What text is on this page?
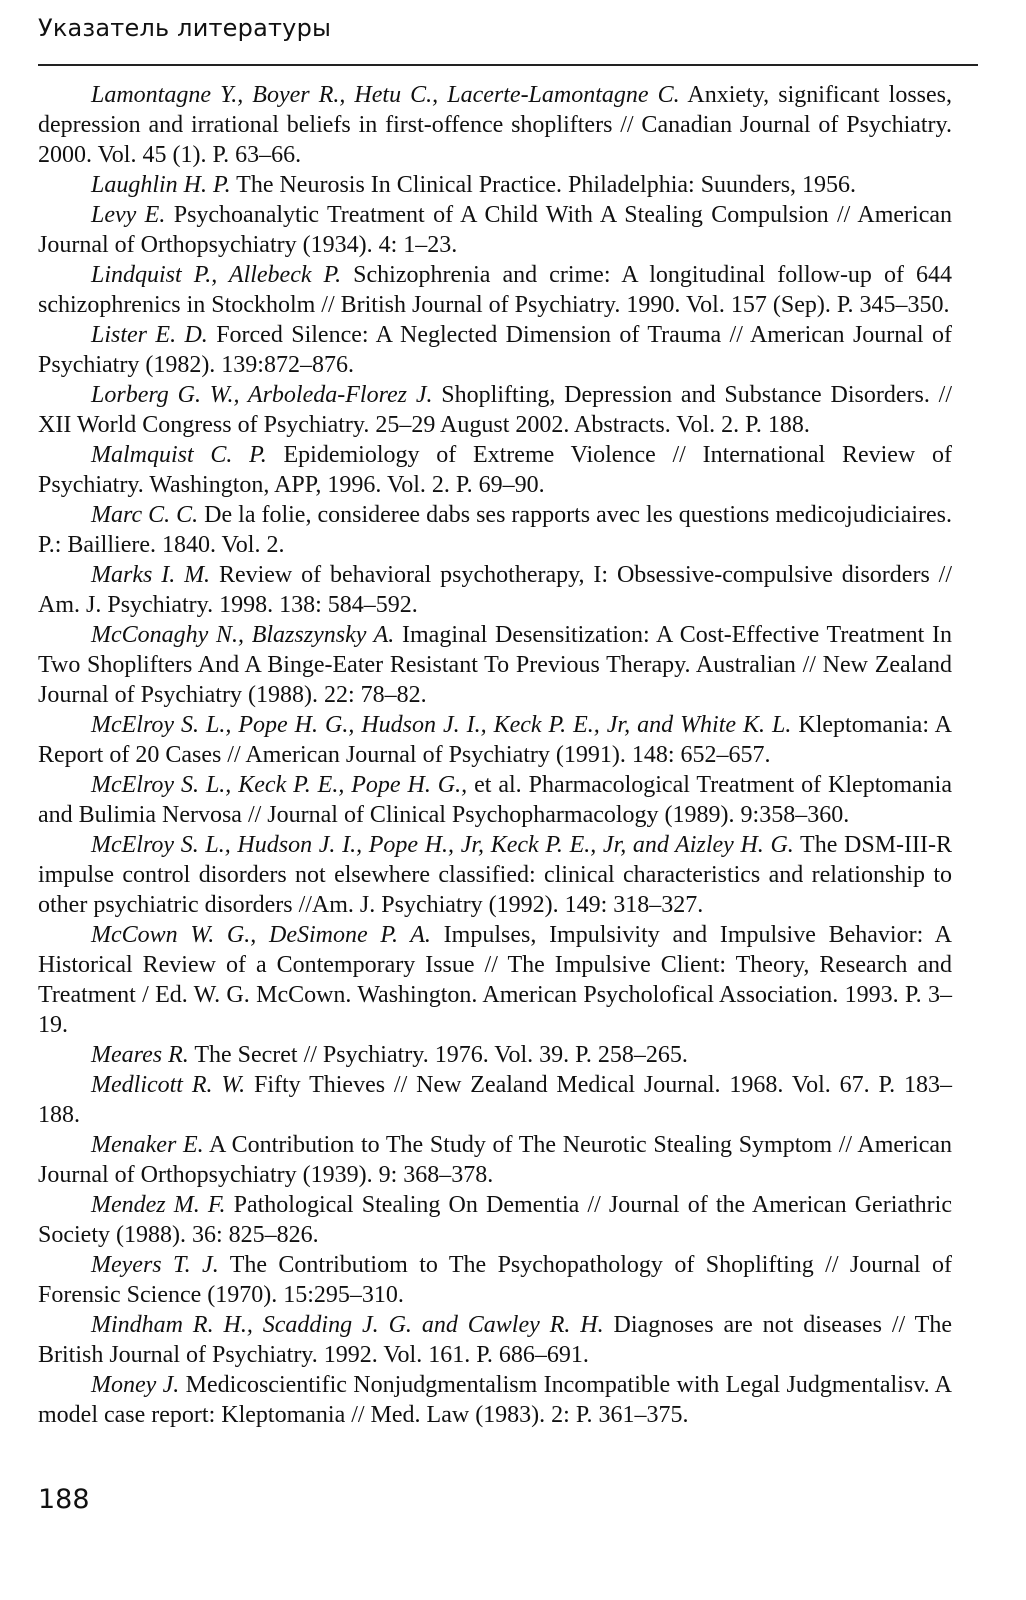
Указатель литературы

Lamontagne Y., Boyer R., Hetu C., Lacerte-Lamontagne C. Anxiety, significant losses, depression and irrational beliefs in first-offence shoplifters // Canadian Journal of Psychiatry. 2000. Vol. 45 (1). P. 63–66.

Laughlin H. P. The Neurosis In Clinical Practice. Philadelphia: Suunders, 1956.

Levy E. Psychoanalytic Treatment of A Child With A Stealing Compulsion // American Journal of Orthopsychiatry (1934). 4: 1–23.

Lindquist P., Allebeck P. Schizophrenia and crime: A longitudinal follow-up of 644 schizophrenics in Stockholm // British Journal of Psychiatry. 1990. Vol. 157 (Sep). P. 345–350.

Lister E. D. Forced Silence: A Neglected Dimension of Trauma // American Journal of Psychiatry (1982). 139:872–876.

Lorberg G. W., Arboleda-Florez J. Shoplifting, Depression and Substance Disorders. // XII World Congress of Psychiatry. 25–29 August 2002. Abstracts. Vol. 2. P. 188.

Malmquist C. P. Epidemiology of Extreme Violence // International Review of Psychiatry. Washington, APP, 1996. Vol. 2. P. 69–90.

Marc C. C. De la folie, consideree dabs ses rapports avec les questions medicojudiciaires. P.: Bailliere. 1840. Vol. 2.

Marks I. M. Review of behavioral psychotherapy, I: Obsessive-compulsive disorders // Am. J. Psychiatry. 1998. 138: 584–592.

McConaghy N., Blazszynsky A. Imaginal Desensitization: A Cost-Effective Treatment In Two Shoplifters And A Binge-Eater Resistant To Previous Therapy. Australian // New Zealand Journal of Psychiatry (1988). 22: 78–82.

McElroy S. L., Pope H. G., Hudson J. I., Keck P. E., Jr, and White K. L. Kleptomania: A Report of 20 Cases // American Journal of Psychiatry (1991). 148: 652–657.

McElroy S. L., Keck P. E., Pope H. G., et al. Pharmacological Treatment of Kleptomania and Bulimia Nervosa // Journal of Clinical Psychopharmacology (1989). 9:358–360.

McElroy S. L., Hudson J. I., Pope H., Jr, Keck P. E., Jr, and Aizley H. G. The DSM-III-R impulse control disorders not elsewhere classified: clinical characteristics and relationship to other psychiatric disorders //Am. J. Psychiatry (1992). 149: 318–327.

McCown W. G., DeSimone P. A. Impulses, Impulsivity and Impulsive Behavior: A Historical Review of a Contemporary Issue // The Impulsive Client: Theory, Research and Treatment / Ed. W. G. McCown. Washington. American Psycholofical Association. 1993. P. 3–19.

Meares R. The Secret // Psychiatry. 1976. Vol. 39. P. 258–265.

Medlicott R. W. Fifty Thieves // New Zealand Medical Journal. 1968. Vol. 67. P. 183–188.

Menaker E. A Contribution to The Study of The Neurotic Stealing Symptom // American Journal of Orthopsychiatry (1939). 9: 368–378.

Mendez M. F. Pathological Stealing On Dementia // Journal of the American Geriathric Society (1988). 36: 825–826.

Meyers T. J. The Contributiom to The Psychopathology of Shoplifting // Journal of Forensic Science (1970). 15:295–310.

Mindham R. H., Scadding J. G. and Cawley R. H. Diagnoses are not diseases // The British Journal of Psychiatry. 1992. Vol. 161. P. 686–691.

Money J. Medicoscientific Nonjudgmentalism Incompatible with Legal Judgmentalisv. A model case report: Kleptomania // Med. Law (1983). 2: P. 361–375.

188
